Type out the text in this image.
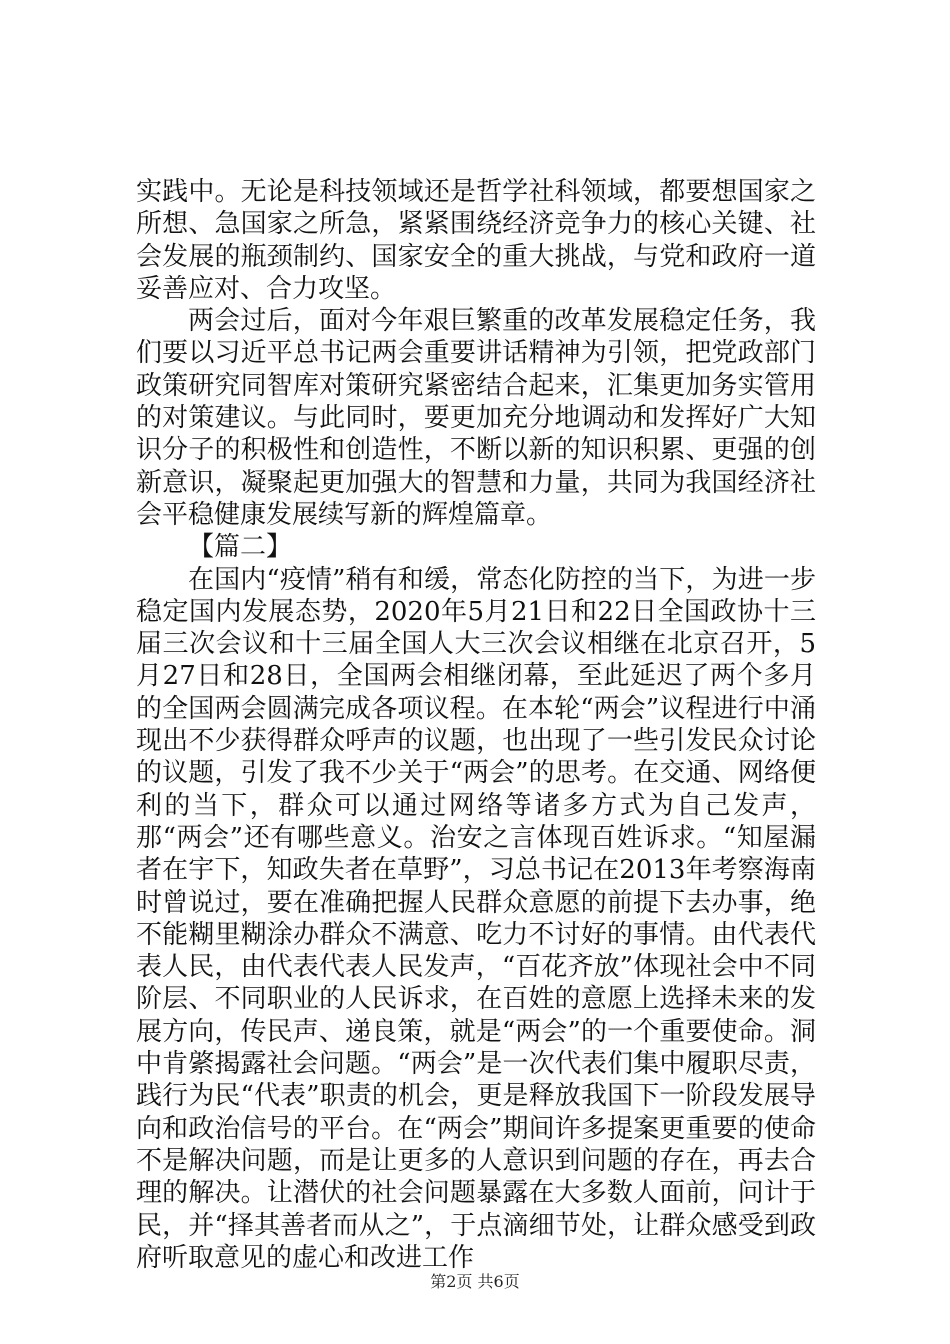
实践中。无论是科技领域还是哲学社科领域，都要想国家之所想、急国家之所急，紧紧围绕经济竞争力的核心关键、社会发展的瓶颈制约、国家安全的重大挑战，与党和政府一道妥善应对、合力攻坚。

两会过后，面对今年艰巨繁重的改革发展稳定任务，我们要以习近平总书记两会重要讲话精神为引领，把党政部门政策研究同智库对策研究紧密结合起来，汇集更加务实管用的对策建议。与此同时，要更加充分地调动和发挥好广大知识分子的积极性和创造性，不断以新的知识积累、更强的创新意识，凝聚起更加强大的智慧和力量，共同为我国经济社会平稳健康发展续写新的辉煌篇章。

【篇二】

在国内“疫情”稍有和缓，常态化防控的当下，为进一步稳定国内发展态势，2020年5月21日和22日全国政协十三届三次会议和十三届全国人大三次会议相继在北京召开，5月27日和28日，全国两会相继闭幕，至此延迟了两个多月的全国两会圆满完成各项议程。在本轮“两会”议程进行中涌现出不少获得群众呼声的议题，也出现了一些引发民众讨论的议题，引发了我不少关于“两会”的思考。在交通、网络便利的当下，群众可以通过网络等诸多方式为自己发声，那“两会”还有哪些意义。治安之言体现百姓诉求。“知屋漏者在宇下，知政失者在草野”，习总书记在2013年考察海南时曾说过，要在准确把握人民群众意愿的前提下去办事，绝不能糊里糊涂办群众不满意、吃力不讨好的事情。由代表代表人民，由代表代表人民发声，“百花齐放”体现社会中不同阶层、不同职业的人民诉求，在百姓的意愿上选择未来的发展方向，传民声、递良策，就是“两会”的一个重要使命。洞中肯綮揭露社会问题。“两会”是一次代表们集中履职尽责，践行为民“代表”职责的机会，更是释放我国下一阶段发展导向和政治信号的平台。在“两会”期间许多提案更重要的使命不是解决问题，而是让更多的人意识到问题的存在，再去合理的解决。让潜伏的社会问题暴露在大多数人面前，问计于民，并“择其善者而从之”，于点滴细节处，让群众感受到政府听取意见的虚心和改进工作

第2页 共6页
